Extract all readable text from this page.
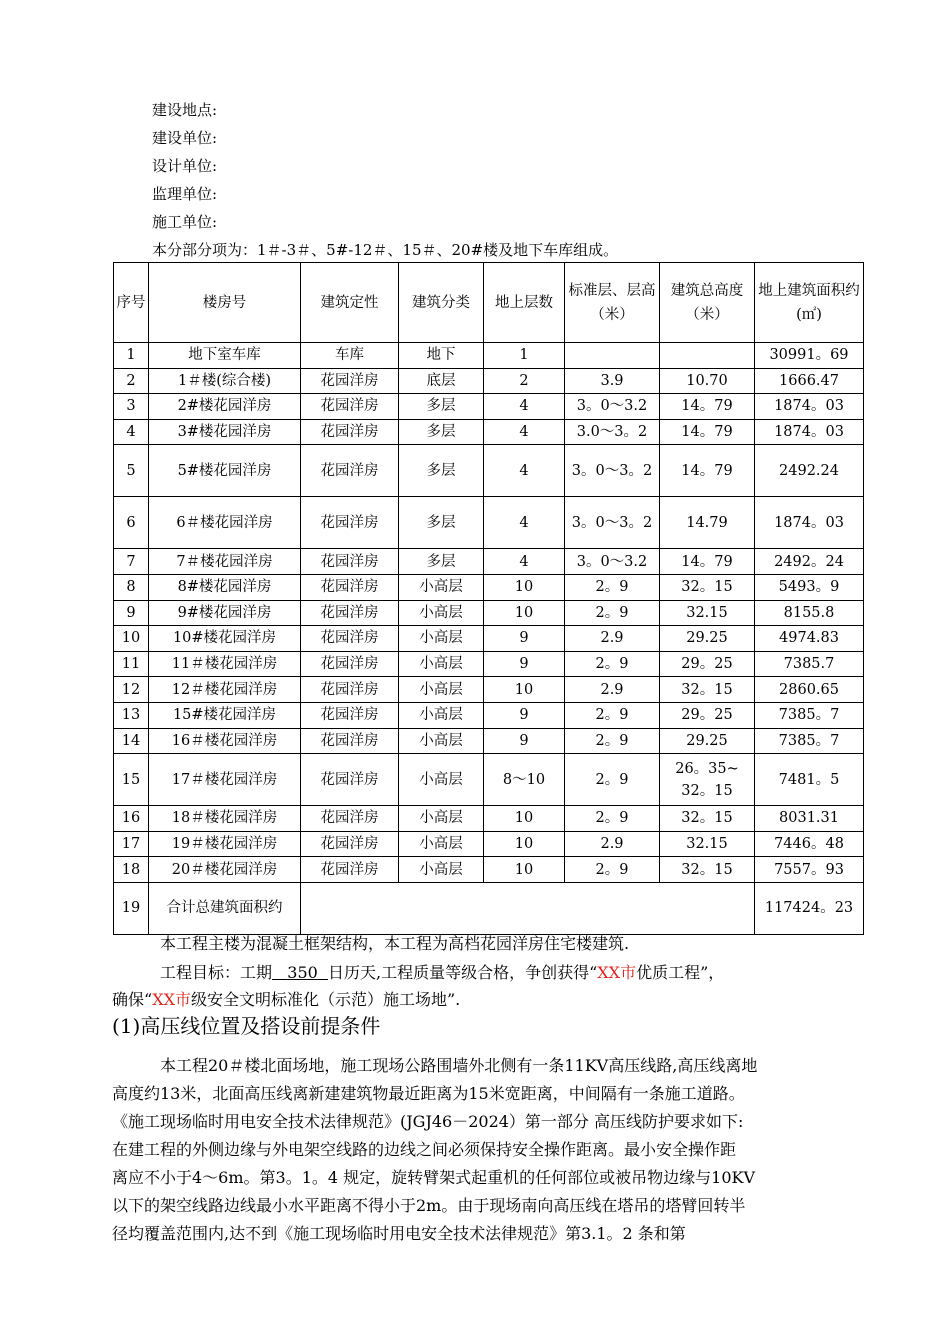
建设地点:
建设单位:
设计单位:
监理单位:
施工单位:
本分部分项为：1＃-3＃、5#-12＃、15＃、20#楼及地下车库组成。
序号	楼房号	建筑定性	建筑分类	地上层数	标准层、层高（米）	建筑总高度（米）	地上建筑面积约(㎡)
1	地下室车库	车库	地下	1			30991。69
2	1＃楼(综合楼)	花园洋房	底层	2	3.9	10.70	1666.47
3	2#楼花园洋房	花园洋房	多层	4	3。0～3.2	14。79	1874。03
4	3#楼花园洋房	花园洋房	多层	4	3.0～3。2	14。79	1874。03
5	5#楼花园洋房	花园洋房	多层	4	3。0～3。2	14。79	2492.24
6	6＃楼花园洋房	花园洋房	多层	4	3。0～3。2	14.79	1874。03
7	7＃楼花园洋房	花园洋房	多层	4	3。0～3.2	14。79	2492。24
8	8#楼花园洋房	花园洋房	小高层	10	2。9	32。15	5493。9
9	9#楼花园洋房	花园洋房	小高层	10	2。9	32.15	8155.8
10	10#楼花园洋房	花园洋房	小高层	9	2.9	29.25	4974.83
11	11＃楼花园洋房	花园洋房	小高层	9	2。9	29。25	7385.7
12	12＃楼花园洋房	花园洋房	小高层	10	2.9	32。15	2860.65
13	15#楼花园洋房	花园洋房	小高层	9	2。9	29。25	7385。7
14	16＃楼花园洋房	花园洋房	小高层	9	2。9	29.25	7385。7
15	17＃楼花园洋房	花园洋房	小高层	8～10	2。9	26。35~ 32。15	7481。5
16	18＃楼花园洋房	花园洋房	小高层	10	2。9	32。15	8031.31
17	19＃楼花园洋房	花园洋房	小高层	10	2.9	32.15	7446。48
18	20＃楼花园洋房	花园洋房	小高层	10	2。9	32。15	7557。93
19	合计总建筑面积约						117424。23
本工程主楼为混凝土框架结构，本工程为高档花园洋房住宅楼建筑.
工程目标：工期 350 日历天,工程质量等级合格，争创获得“XX市优质工程”，
确保“XX市级安全文明标准化（示范）施工场地”.
(1)高压线位置及搭设前提条件
本工程20＃楼北面场地，施工现场公路围墙外北侧有一条11KV高压线路,高压线离地
高度约13米，北面高压线离新建建筑物最近距离为15米宽距离，中间隔有一条施工道路。
《施工现场临时用电安全技术法律规范》(JGJ46－2024）第一部分 高压线防护要求如下:
在建工程的外侧边缘与外电架空线路的边线之间必须保持安全操作距离。最小安全操作距
离应不小于4～6m。第3。1。4 规定，旋转臂架式起重机的任何部位或被吊物边缘与10KV
以下的架空线路边线最小水平距离不得小于2m。由于现场南向高压线在塔吊的塔臂回转半
径均覆盖范围内,达不到《施工现场临时用电安全技术法律规范》第3.1。2 条和第
